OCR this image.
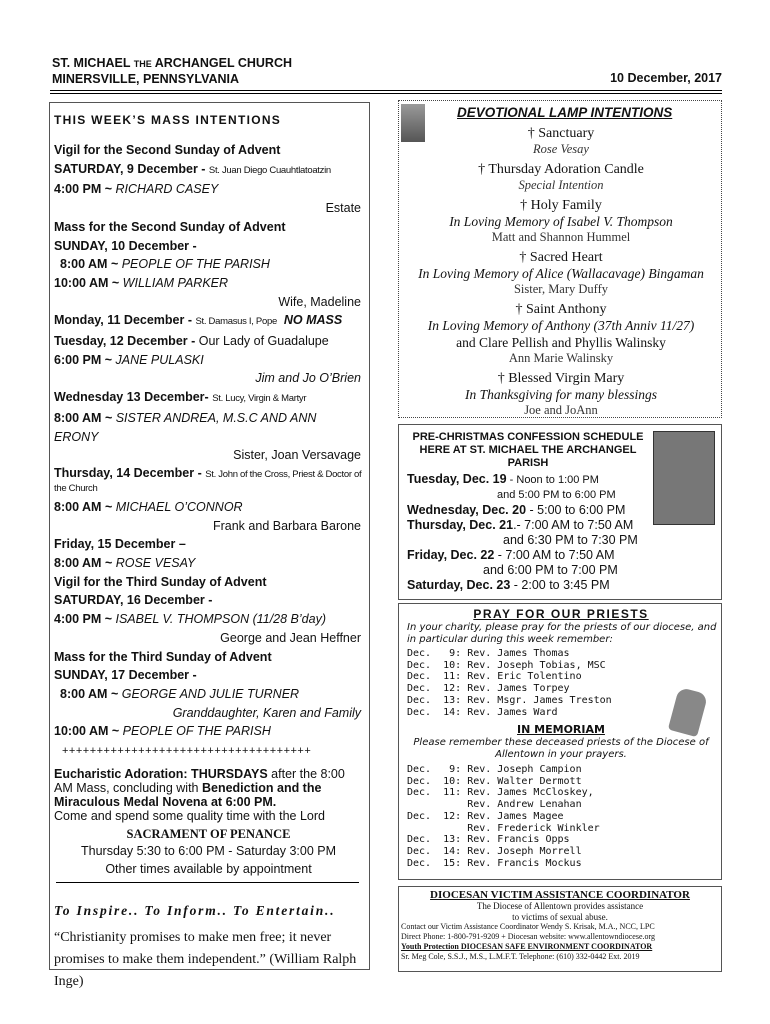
ST. MICHAEL THE ARCHANGEL CHURCH
MINERSVILLE, PENNSYLVANIA	10 December, 2017
THIS WEEK’S MASS INTENTIONS
Vigil for the Second Sunday of Advent
SATURDAY, 9 December - St. Juan Diego Cuauhtlatoatzin
4:00 PM ~ RICHARD CASEY
Estate
Mass for the Second Sunday of Advent
SUNDAY, 10 December -
8:00 AM ~ PEOPLE OF THE PARISH
10:00 AM ~ WILLIAM PARKER
Wife, Madeline
Monday, 11 December - St. Damasus I, Pope NO MASS
Tuesday, 12 December - Our Lady of Guadalupe
6:00 PM ~ JANE PULASKI
Jim and Jo O’Brien
Wednesday 13 December- St. Lucy, Virgin & Martyr
8:00 AM ~ SISTER ANDREA, M.S.C AND ANN ERONY
Sister, Joan Versavage
Thursday, 14 December - St. John of the Cross, Priest & Doctor of the Church
8:00 AM ~ MICHAEL O’CONNOR
Frank and Barbara Barone
Friday, 15 December –
8:00 AM ~ ROSE VESAY
Vigil for the Third Sunday of Advent
SATURDAY, 16 December -
4:00 PM ~ ISABEL V. THOMPSON (11/28 B’day)
George and Jean Heffner
Mass for the Third Sunday of Advent
SUNDAY, 17 December -
8:00 AM ~ GEORGE AND JULIE TURNER
Granddaughter, Karen and Family
10:00 AM ~ PEOPLE OF THE PARISH
++++++++++++++++++++++++++++++++++++
Eucharistic Adoration: THURSDAYS after the 8:00 AM Mass, concluding with Benediction and the Miraculous Medal Novena at 6:00 PM.
Come and spend some quality time with the Lord
SACRAMENT OF PENANCE
Thursday 5:30 to 6:00 PM - Saturday 3:00 PM
Other times available by appointment
To Inspire.. To Inform.. To Entertain..
“Christianity promises to make men free; it never promises to make them independent.” (William Ralph Inge)
DEVOTIONAL LAMP INTENTIONS
† Sanctuary
Rose Vesay
† Thursday Adoration Candle
Special Intention
† Holy Family
In Loving Memory of Isabel V. Thompson
Matt and Shannon Hummel
† Sacred Heart
In Loving Memory of Alice (Wallacavage) Bingaman
Sister, Mary Duffy
† Saint Anthony
In Loving Memory of Anthony (37th Anniv 11/27)
and Clare Pellish and Phyllis Walinsky
Ann Marie Walinsky
† Blessed Virgin Mary
In Thanksgiving for many blessings
Joe and JoAnn
PRE-CHRISTMAS CONFESSION SCHEDULE HERE AT ST. MICHAEL THE ARCHANGEL PARISH
Tuesday, Dec. 19 - Noon to 1:00 PM
and 5:00 PM to 6:00 PM
Wednesday, Dec. 20 - 5:00 to 6:00 PM
Thursday, Dec. 21.- 7:00 AM to 7:50 AM
and 6:30 PM to 7:30 PM
Friday, Dec. 22 - 7:00 AM to 7:50 AM
and 6:00 PM to 7:00 PM
Saturday, Dec. 23 - 2:00 to 3:45 PM
PRAY FOR OUR PRIESTS
In your charity, please pray for the priests of our diocese, and in particular during this week remember:
Dec.   9: Rev. James Thomas
Dec.  10: Rev. Joseph Tobias, MSC
Dec.  11: Rev. Eric Tolentino
Dec.  12: Rev. James Torpey
Dec.  13: Rev. Msgr. James Treston
Dec.  14: Rev. James Ward
IN MEMORIAM
Please remember these deceased priests of the Diocese of Allentown in your prayers.
Dec.   9: Rev. Joseph Campion
Dec.  10: Rev. Walter Dermott
Dec.  11: Rev. James McCloskey,
Rev. Andrew Lenahan
Dec.  12: Rev. James Magee
Rev. Frederick Winkler
Dec.  13: Rev. Francis Opps
Dec.  14: Rev. Joseph Morrell
Dec.  15: Rev. Francis Mockus
DIOCESAN VICTIM ASSISTANCE COORDINATOR
The Diocese of Allentown provides assistance
to victims of sexual abuse.
Contact our Victim Assistance Coordinator Wendy S. Krisak, M.A., NCC, LPC
Direct Phone: 1-800-791-9209 + Diocesan website: www.allentowndiocese.org
Youth Protection DIOCESAN SAFE ENVIRONMENT COORDINATOR
Sr. Meg Cole, S.S.J., M.S., L.M.F.T. Telephone: (610) 332-0442 Ext. 2019
